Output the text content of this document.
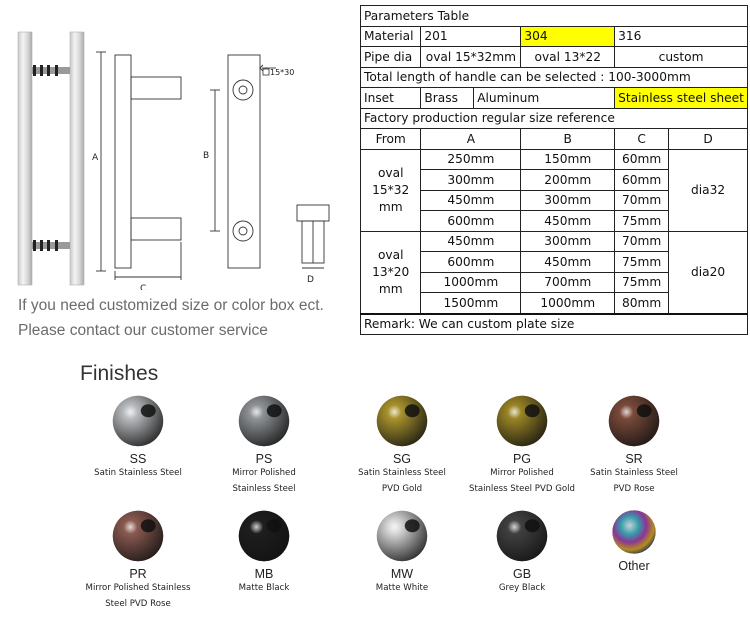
A
C
B
15*30
D
If you need customized size or color box ect.
Please contact our customer service
Parameters Table					
Material	201		304	316	
Pipe dia	oval 15*32mm		oval 13*22	custom	
Total length of handle can be selected : 100-3000mm					
Inset	Brass	Aluminum		Stainless steel sheet	
Factory production regular size reference					
From	A		B	C	D
oval
15*32
mm	250mm		150mm	60mm	dia32
	300mm		200mm	60mm	
	450mm		300mm	70mm	
	600mm		450mm	75mm	
oval
13*20
mm	450mm		300mm	70mm	dia20
	600mm		450mm	75mm	
	1000mm		700mm	75mm	
	1500mm		1000mm	80mm	
Remark: We can custom plate size					
Finishes
SS
Satin Stainless Steel
PS
Mirror Polished
Stainless Steel
SG
Satin Stainless Steel
PVD Gold
PG
Mirror Polished
Stainless Steel PVD Gold
SR
Satin Stainless Steel
PVD Rose
PR
Mirror Polished Stainless
Steel PVD Rose
MB
Matte Black
MW
Matte White
GB
Grey Black
Other
